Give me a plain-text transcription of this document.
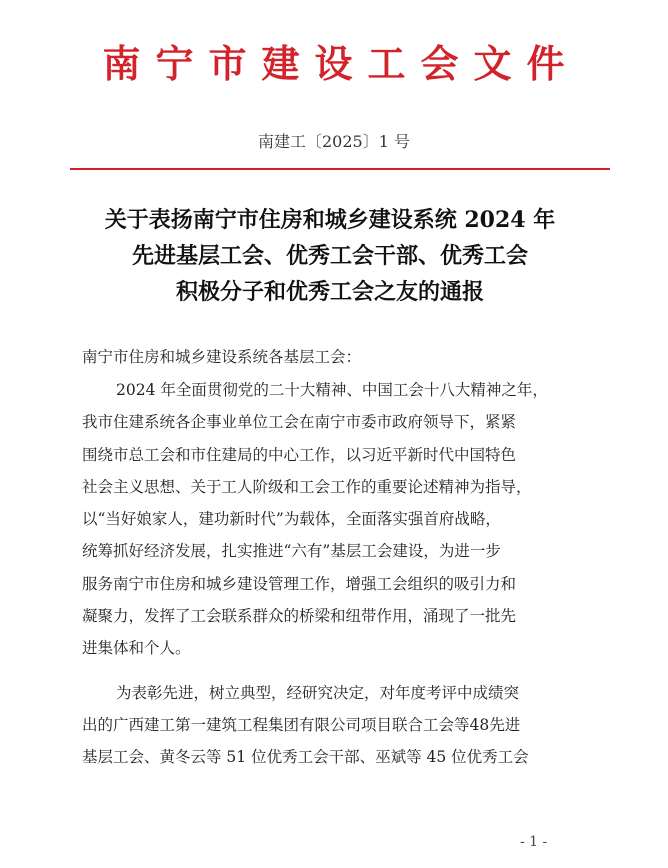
南宁市建设工会文件
南建工〔2025〕1 号
关于表扬南宁市住房和城乡建设系统 2024 年
先进基层工会、优秀工会干部、优秀工会
积极分子和优秀工会之友的通报
南宁市住房和城乡建设系统各基层工会：
2024 年全面贯彻党的二十大精神、中国工会十八大精神之年，
我市住建系统各企事业单位工会在南宁市委市政府领导下，紧紧
围绕市总工会和市住建局的中心工作，以习近平新时代中国特色
社会主义思想、关于工人阶级和工会工作的重要论述精神为指导，
以“当好娘家人，建功新时代”为载体，全面落实强首府战略，
统筹抓好经济发展，扎实推进“六有”基层工会建设，为进一步
服务南宁市住房和城乡建设管理工作，增强工会组织的吸引力和
凝聚力，发挥了工会联系群众的桥梁和纽带作用，涌现了一批先
进集体和个人。
为表彰先进，树立典型，经研究决定，对年度考评中成绩突
出的广西建工第一建筑工程集团有限公司项目联合工会等48先进
基层工会、黄冬云等 51 位优秀工会干部、巫斌等 45 位优秀工会
- 1 -
